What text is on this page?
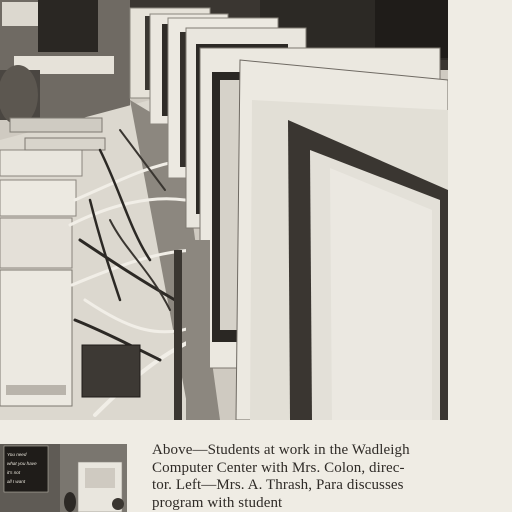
You need
what you have
it's not
all I want
Above—Students at work in the Wadleigh
Computer Center with Mrs. Colon, direc-
tor. Left—Mrs. A. Thrash, Para discusses
program with student
